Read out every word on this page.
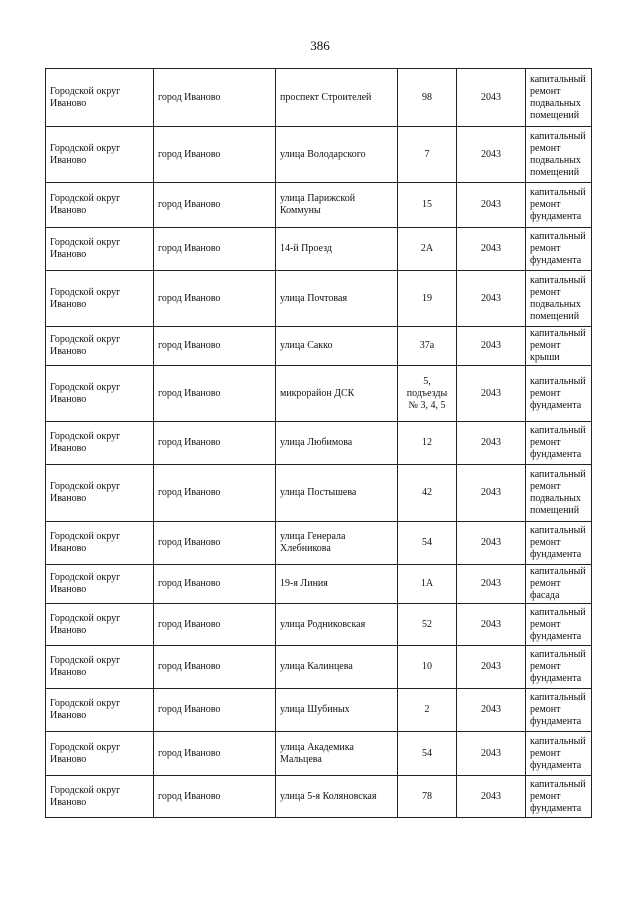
386
Городской округ Иваново	город Иваново	проспект Строителей	98	2043	капитальный ремонт подвальных помещений
Городской округ Иваново	город Иваново	улица Володарского	7	2043	капитальный ремонт подвальных помещений
Городской округ Иваново	город Иваново	улица Парижской Коммуны	15	2043	капитальный ремонт фундамента
Городской округ Иваново	город Иваново	14-й Проезд	2А	2043	капитальный ремонт фундамента
Городской округ Иваново	город Иваново	улица Почтовая	19	2043	капитальный ремонт подвальных помещений
Городской округ Иваново	город Иваново	улица Сакко	37а	2043	капитальный ремонт крыши
Городской округ Иваново	город Иваново	микрорайон ДСК	5, подъезды № 3, 4, 5	2043	капитальный ремонт фундамента
Городской округ Иваново	город Иваново	улица Любимова	12	2043	капитальный ремонт фундамента
Городской округ Иваново	город Иваново	улица Постышева	42	2043	капитальный ремонт подвальных помещений
Городской округ Иваново	город Иваново	улица Генерала Хлебникова	54	2043	капитальный ремонт фундамента
Городской округ Иваново	город Иваново	19-я Линия	1А	2043	капитальный ремонт фасада
Городской округ Иваново	город Иваново	улица Родниковская	52	2043	капитальный ремонт фундамента
Городской округ Иваново	город Иваново	улица Калинцева	10	2043	капитальный ремонт фундамента
Городской округ Иваново	город Иваново	улица Шубиных	2	2043	капитальный ремонт фундамента
Городской округ Иваново	город Иваново	улица Академика Мальцева	54	2043	капитальный ремонт фундамента
Городской округ Иваново	город Иваново	улица 5-я Коляновская	78	2043	капитальный ремонт фундамента
